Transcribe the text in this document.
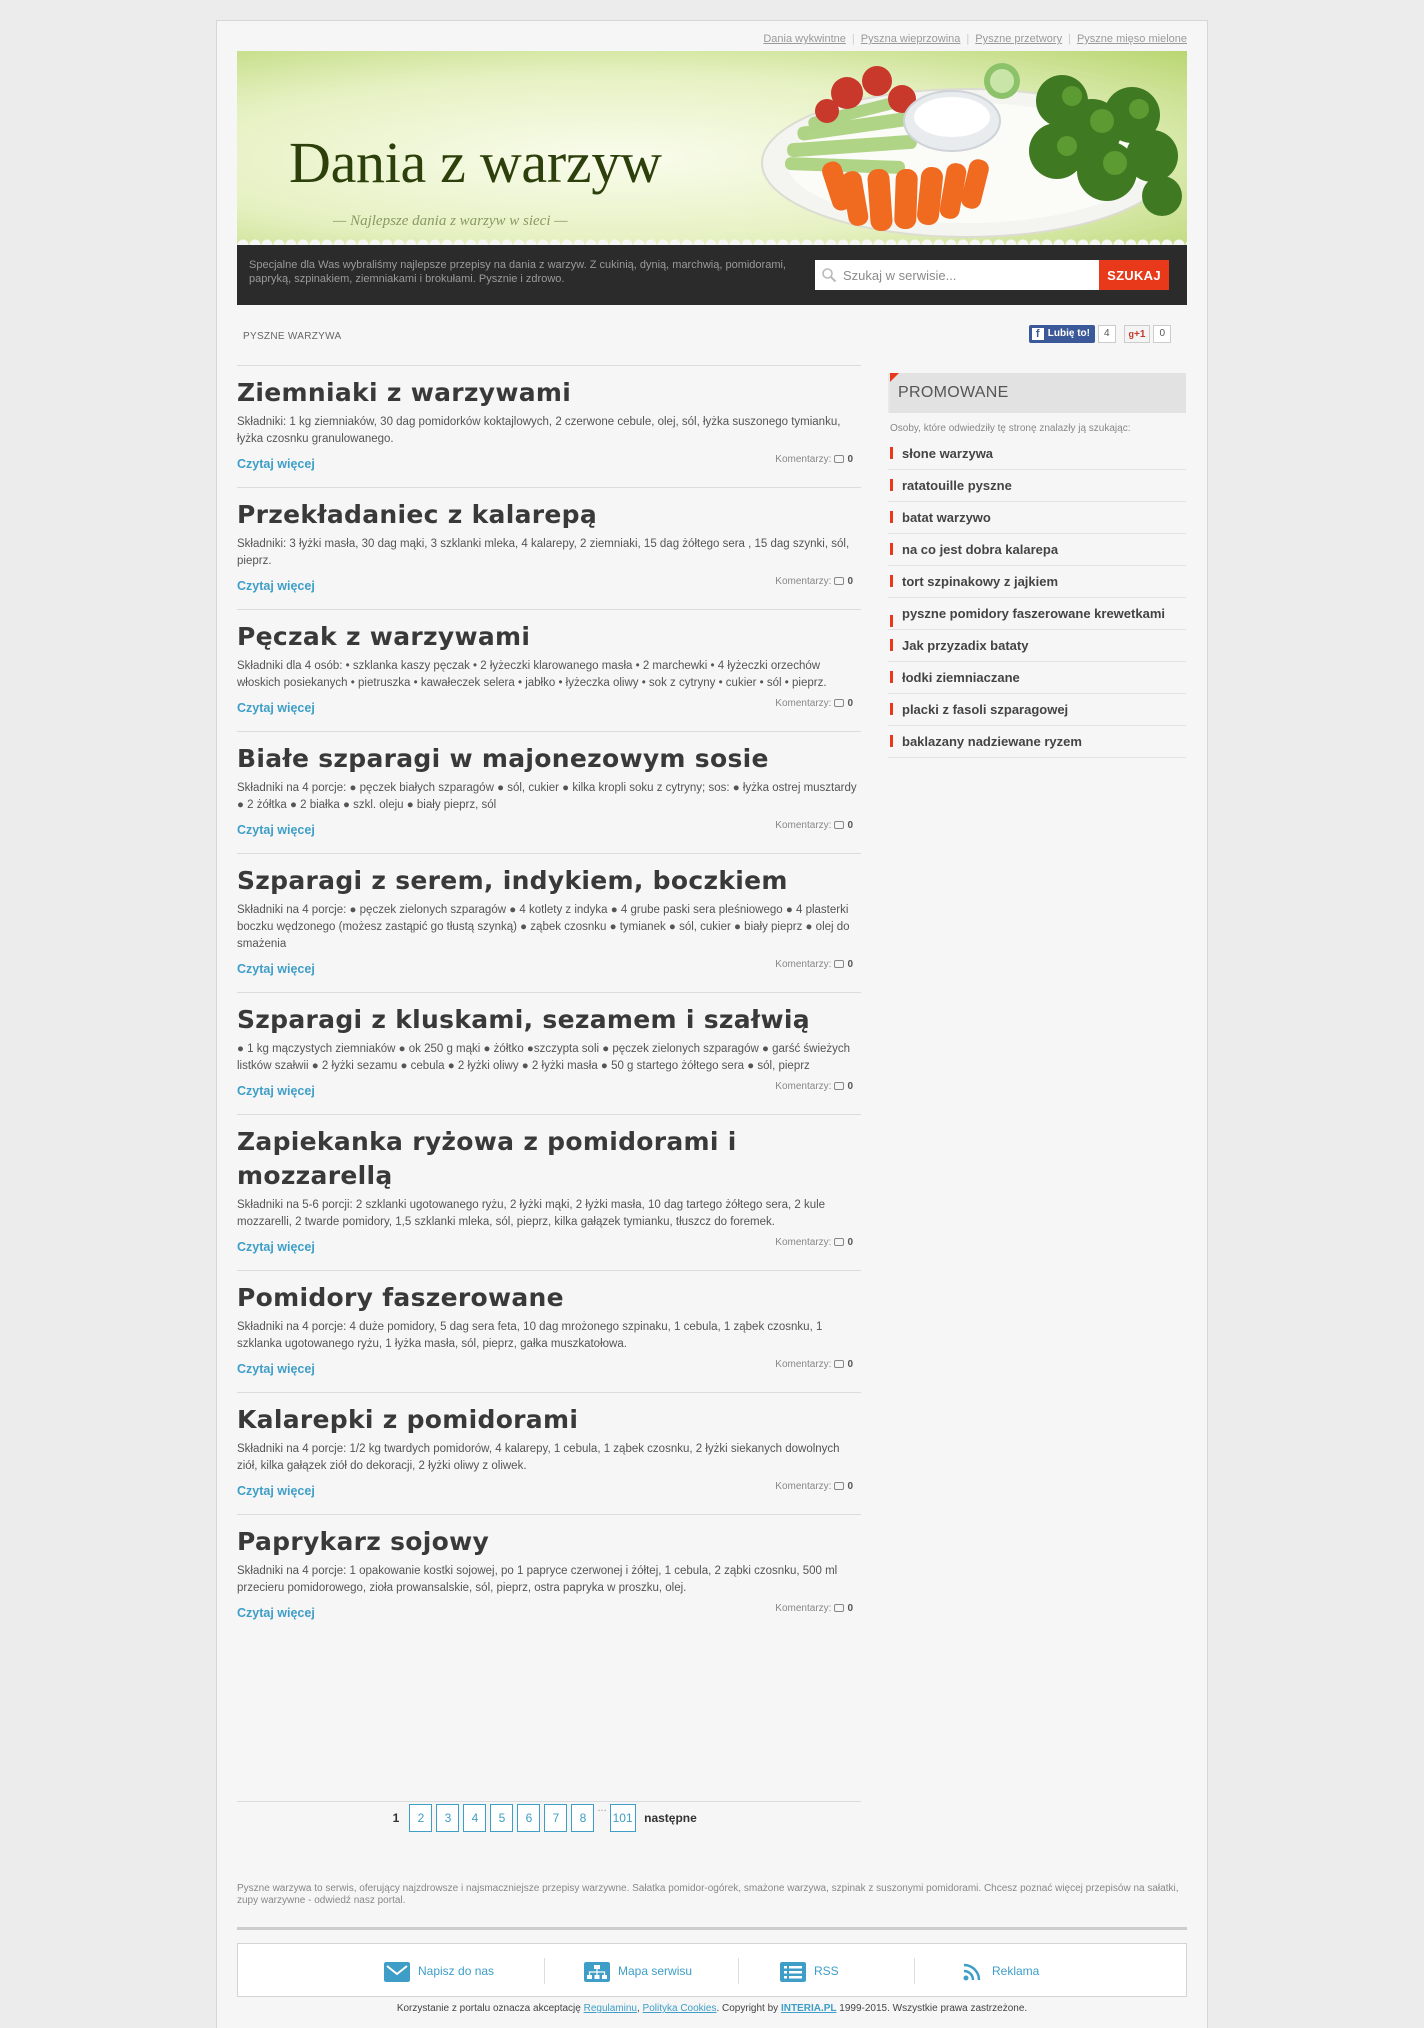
Dania wykwintne | Pyszna wieprzowina | Pyszne przetwory | Pyszne mięso mielone
Dania z warzyw
— Najlepsze dania z warzyw w sieci —
Specjalne dla Was wybraliśmy najlepsze przepisy na dania z warzyw. Z cukinią, dynią, marchwią, pomidorami, papryką, szpinakiem, ziemniakami i brokułami. Pysznie i zdrowo.
Szukaj w serwisie...	SZUKAJ
PYSZNE WARZYWA	f Lubię to! 4 g+1 0
Ziemniaki z warzywami

Składniki: 1 kg ziemniaków, 30 dag pomidorków koktajlowych, 2 czerwone cebule, olej, sól, łyżka suszonego tymianku, łyżka czosnku granulowanego.

Czytaj więcej	Komentarzy: 0
Przekładaniec z kalarepą

Składniki: 3 łyżki masła, 30 dag mąki, 3 szklanki mleka, 4 kalarepy, 2 ziemniaki, 15 dag żółtego sera , 15 dag szynki, sól, pieprz.

Czytaj więcej	Komentarzy: 0
Pęczak z warzywami

Składniki dla 4 osób: • szklanka kaszy pęczak • 2 łyżeczki klarowanego masła • 2 marchewki • 4 łyżeczki orzechów włoskich posiekanych • pietruszka • kawałeczek selera • jabłko • łyżeczka oliwy • sok z cytryny • cukier • sól • pieprz.

Czytaj więcej	Komentarzy: 0
Białe szparagi w majonezowym sosie

Składniki na 4 porcje: ● pęczek białych szparagów ● sól, cukier ● kilka kropli soku z cytryny; sos: ● łyżka ostrej musztardy ● 2 żółtka ● 2 białka ● szkl. oleju ● biały pieprz, sól

Czytaj więcej	Komentarzy: 0
Szparagi z serem, indykiem, boczkiem

Składniki na 4 porcje: ● pęczek zielonych szparagów ● 4 kotlety z indyka ● 4 grube paski sera pleśniowego ● 4 plasterki boczku wędzonego (możesz zastąpić go tłustą szynką) ● ząbek czosnku ● tymianek ● sól, cukier ● biały pieprz ● olej do smażenia

Czytaj więcej	Komentarzy: 0
Szparagi z kluskami, sezamem i szałwią

● 1 kg mączystych ziemniaków ● ok 250 g mąki ● żółtko ●szczypta soli ● pęczek zielonych szparagów ● garść świeżych listków szałwii ● 2 łyżki sezamu ● cebula ● 2 łyżki oliwy ● 2 łyżki masła ● 50 g startego żółtego sera ● sól, pieprz

Czytaj więcej	Komentarzy: 0
Zapiekanka ryżowa z pomidorami i mozzarellą

Składniki na 5-6 porcji: 2 szklanki ugotowanego ryżu, 2 łyżki mąki, 2 łyżki masła, 10 dag tartego żółtego sera, 2 kule mozzarelli, 2 twarde pomidory, 1,5 szklanki mleka, sól, pieprz, kilka gałązek tymianku, tłuszcz do foremek.

Czytaj więcej	Komentarzy: 0
Pomidory faszerowane

Składniki na 4 porcje: 4 duże pomidory, 5 dag sera feta, 10 dag mrożonego szpinaku, 1 cebula, 1 ząbek czosnku, 1 szklanka ugotowanego ryżu, 1 łyżka masła, sól, pieprz, gałka muszkatołowa.

Czytaj więcej	Komentarzy: 0
Kalarepki z pomidorami

Składniki na 4 porcje: 1/2 kg twardych pomidorów, 4 kalarepy, 1 cebula, 1 ząbek czosnku, 2 łyżki siekanych dowolnych ziół, kilka gałązek ziół do dekoracji, 2 łyżki oliwy z oliwek.

Czytaj więcej	Komentarzy: 0
Paprykarz sojowy

Składniki na 4 porcje: 1 opakowanie kostki sojowej, po 1 papryce czerwonej i żółtej, 1 cebula, 2 ząbki czosnku, 500 ml przecieru pomidorowego, zioła prowansalskie, sól, pieprz, ostra papryka w proszku, olej.

Czytaj więcej	Komentarzy: 0
1 2 3 4 5 6 7 8...101 następne
PROMOWANE
Osoby, które odwiedziły tę stronę znalazły ją szukając:
słone warzywa
ratatouille pyszne
batat warzywo
na co jest dobra kalarepa
tort szpinakowy z jajkiem
pyszne pomidory faszerowane krewetkami
Jak przyzadix bataty
łodki ziemniaczane
placki z fasoli szparagowej
baklazany nadziewane ryzem
Pyszne warzywa to serwis, oferujący najzdrowsze i najsmaczniejsze przepisy warzywne. Sałatka pomidor-ogórek, smażone warzywa, szpinak z suszonymi pomidorami. Chcesz poznać więcej przepisów na sałatki, zupy warzywne - odwiedź nasz portal.
Napisz do nas	Mapa serwisu	RSS	Reklama
Korzystanie z portalu oznacza akceptację Regulaminu, Polityka Cookies. Copyright by INTERIA.PL 1999-2015. Wszystkie prawa zastrzeżone.
